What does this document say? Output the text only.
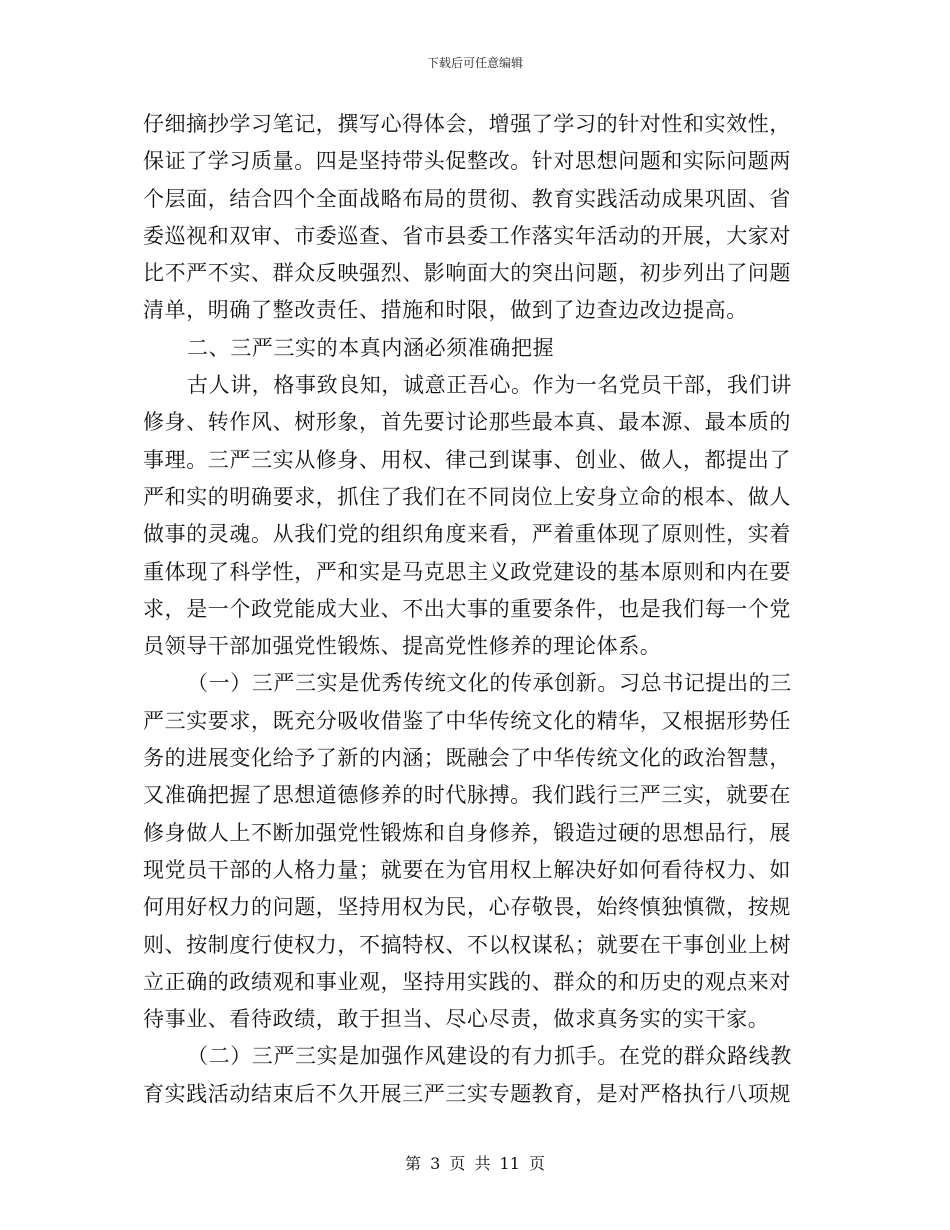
下载后可任意编辑
仔细摘抄学习笔记，撰写心得体会，增强了学习的针对性和实效性，
保证了学习质量。四是坚持带头促整改。针对思想问题和实际问题两
个层面，结合四个全面战略布局的贯彻、教育实践活动成果巩固、省
委巡视和双审、市委巡查、省市县委工作落实年活动的开展，大家对
比不严不实、群众反映强烈、影响面大的突出问题，初步列出了问题
清单，明确了整改责任、措施和时限，做到了边查边改边提高。
二、三严三实的本真内涵必须准确把握
古人讲，格事致良知，诚意正吾心。作为一名党员干部，我们讲
修身、转作风、树形象，首先要讨论那些最本真、最本源、最本质的
事理。三严三实从修身、用权、律己到谋事、创业、做人，都提出了
严和实的明确要求，抓住了我们在不同岗位上安身立命的根本、做人
做事的灵魂。从我们党的组织角度来看，严着重体现了原则性，实着
重体现了科学性，严和实是马克思主义政党建设的基本原则和内在要
求，是一个政党能成大业、不出大事的重要条件，也是我们每一个党
员领导干部加强党性锻炼、提高党性修养的理论体系。
（一）三严三实是优秀传统文化的传承创新。习总书记提出的三
严三实要求，既充分吸收借鉴了中华传统文化的精华，又根据形势任
务的进展变化给予了新的内涵；既融会了中华传统文化的政治智慧，
又准确把握了思想道德修养的时代脉搏。我们践行三严三实，就要在
修身做人上不断加强党性锻炼和自身修养，锻造过硬的思想品行，展
现党员干部的人格力量；就要在为官用权上解决好如何看待权力、如
何用好权力的问题，坚持用权为民，心存敬畏，始终慎独慎微，按规
则、按制度行使权力，不搞特权、不以权谋私；就要在干事创业上树
立正确的政绩观和事业观，坚持用实践的、群众的和历史的观点来对
待事业、看待政绩，敢于担当、尽心尽责，做求真务实的实干家。
（二）三严三实是加强作风建设的有力抓手。在党的群众路线教
育实践活动结束后不久开展三严三实专题教育，是对严格执行八项规
第 3 页 共 11 页
